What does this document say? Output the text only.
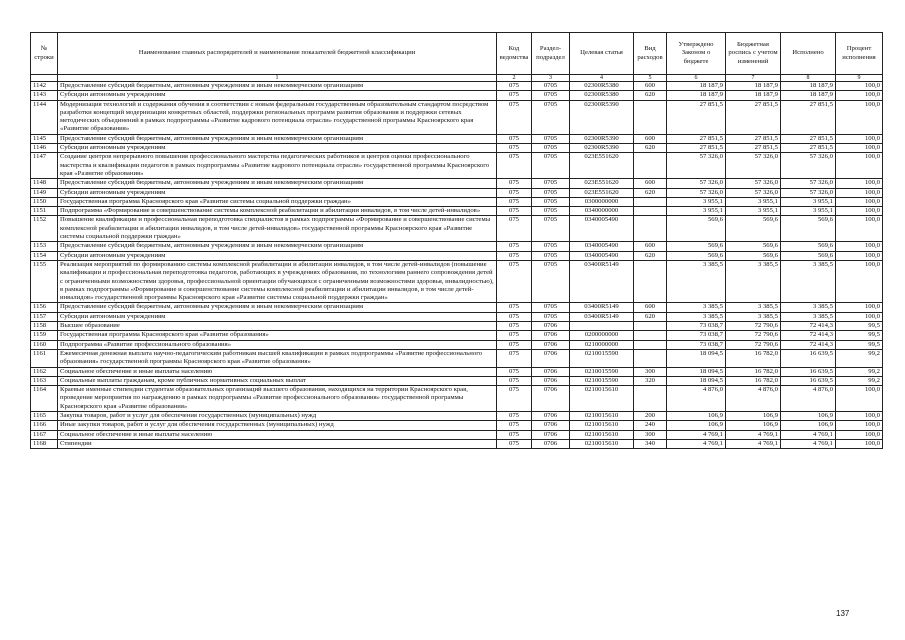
№ строки	Наименование главных распорядителей и наименование показателей бюджетной классификации	Код ведомства	Раздел-подраздел	Целевая статья	Вид расходов	Утверждено Законом о бюджете	Бюджетная роспись с учетом изменений	Исполнено	Процент исполнения
	1	2	3	4	5	6	7	8	9
1142	Предоставление субсидий бюджетным, автономным учреждениям и иным некоммерческим организациям	075	0705	02300R5380	600	18 187,9	18 187,9	18 187,9	100,0
1143	Субсидии автономным учреждениям	075	0705	02300R5380	620	18 187,9	18 187,9	18 187,9	100,0
1144	Модернизация технологий и содержания обучения в соответствии с новым федеральным государственным образовательным стандартом посредством разработки концепций модернизации конкретных областей, поддержки региональных программ развития образования и поддержки сетевых методических объединений в рамках подпрограммы «Развитие кадрового потенциала отрасли» государственной программы Красноярского края «Развитие образования»	075	0705	02300R5390		27 851,5	27 851,5	27 851,5	100,0
1145	Предоставление субсидий бюджетным, автономным учреждениям и иным некоммерческим организациям	075	0705	02300R5390	600	27 851,5	27 851,5	27 851,5	100,0
1146	Субсидии автономным учреждениям	075	0705	02300R5390	620	27 851,5	27 851,5	27 851,5	100,0
1147	Создание центров непрерывного повышения профессионального мастерства педагогических работников и центров оценки профессионального мастерства и квалификации педагогов в рамках подпрограммы «Развитие кадрового потенциала отрасли» государственной программы Красноярского края «Развитие образования»	075	0705	023E551620		57 326,0	57 326,0	57 326,0	100,0
1148	Предоставление субсидий бюджетным, автономным учреждениям и иным некоммерческим организациям	075	0705	023E551620	600	57 326,0	57 326,0	57 326,0	100,0
1149	Субсидии автономным учреждениям	075	0705	023E551620	620	57 326,0	57 326,0	57 326,0	100,0
1150	Государственная программа Красноярского края «Развитие системы социальной поддержки граждан»	075	0705	0300000000		3 955,1	3 955,1	3 955,1	100,0
1151	Подпрограмма «Формирование и совершенствование системы комплексной реабилитации и абилитации инвалидов, в том числе детей-инвалидов»	075	0705	0340000000		3 955,1	3 955,1	3 955,1	100,0
1152	Повышение квалификации и профессиональная переподготовка специалистов в рамках подпрограммы «Формирование и совершенствование системы комплексной реабилитации и абилитации инвалидов, в том числе детей-инвалидов» государственной программы Красноярского края «Развитие системы социальной поддержки граждан»	075	0705	0340005490		569,6	569,6	569,6	100,0
1153	Предоставление субсидий бюджетным, автономным учреждениям и иным некоммерческим организациям	075	0705	0340005490	600	569,6	569,6	569,6	100,0
1154	Субсидии автономным учреждениям	075	0705	0340005490	620	569,6	569,6	569,6	100,0
1155	Реализация мероприятий по формированию системы комплексной реабилитации и абилитации инвалидов, в том числе детей-инвалидов (повышение квалификации и профессиональная переподготовка педагогов, работающих в учреждениях образования, по технологиям раннего сопровождения детей с ограниченными возможностями здоровья, профессиональной ориентации обучающихся с ограниченными возможностями здоровья, инвалидностью), в рамках подпрограммы «Формирование и совершенствование системы комплексной реабилитации и абилитации инвалидов, в том числе детей-инвалидов» государственной программы Красноярского края «Развитие системы социальной поддержки граждан»	075	0705	03400R5149		3 385,5	3 385,5	3 385,5	100,0
1156	Предоставление субсидий бюджетным, автономным учреждениям и иным некоммерческим организациям	075	0705	03400R5149	600	3 385,5	3 385,5	3 385,5	100,0
1157	Субсидии автономным учреждениям	075	0705	03400R5149	620	3 385,5	3 385,5	3 385,5	100,0
1158	Высшее образование	075	0706			73 038,7	72 790,6	72 414,3	99,5
1159	Государственная программа Красноярского края «Развитие образования»	075	0706	0200000000		73 038,7	72 790,6	72 414,3	99,5
1160	Подпрограмма «Развитие профессионального образования»	075	0706	0210000000		73 038,7	72 790,6	72 414,3	99,5
1161	Ежемесячная денежная выплата научно-педагогическим работникам высшей квалификации в рамках подпрограммы «Развитие профессионального образования» государственной программы Красноярского края «Развитие образования»	075	0706	0210015590		18 094,5	16 782,0	16 639,5	99,2
1162	Социальное обеспечение и иные выплаты населению	075	0706	0210015590	300	18 094,5	16 782,0	16 639,5	99,2
1163	Социальные выплаты гражданам, кроме публичных нормативных социальных выплат	075	0706	0210015590	320	18 094,5	16 782,0	16 639,5	99,2
1164	Краевые именные стипендии студентам образовательных организаций высшего образования, находящихся на территории Красноярского края, проведение мероприятия по награждению в рамках подпрограммы «Развитие профессионального образования» государственной программы Красноярского края «Развитие образования»	075	0706	0210015610		4 876,0	4 876,0	4 876,0	100,0
1165	Закупка товаров, работ и услуг для обеспечения государственных (муниципальных) нужд	075	0706	0210015610	200	106,9	106,9	106,9	100,0
1166	Иные закупки товаров, работ и услуг для обеспечения государственных (муниципальных) нужд	075	0706	0210015610	240	106,9	106,9	106,9	100,0
1167	Социальное обеспечение и иные выплаты населению	075	0706	0210015610	300	4 769,1	4 769,1	4 769,1	100,0
1168	Стипендии	075	0706	0210015610	340	4 769,1	4 769,1	4 769,1	100,0
137
